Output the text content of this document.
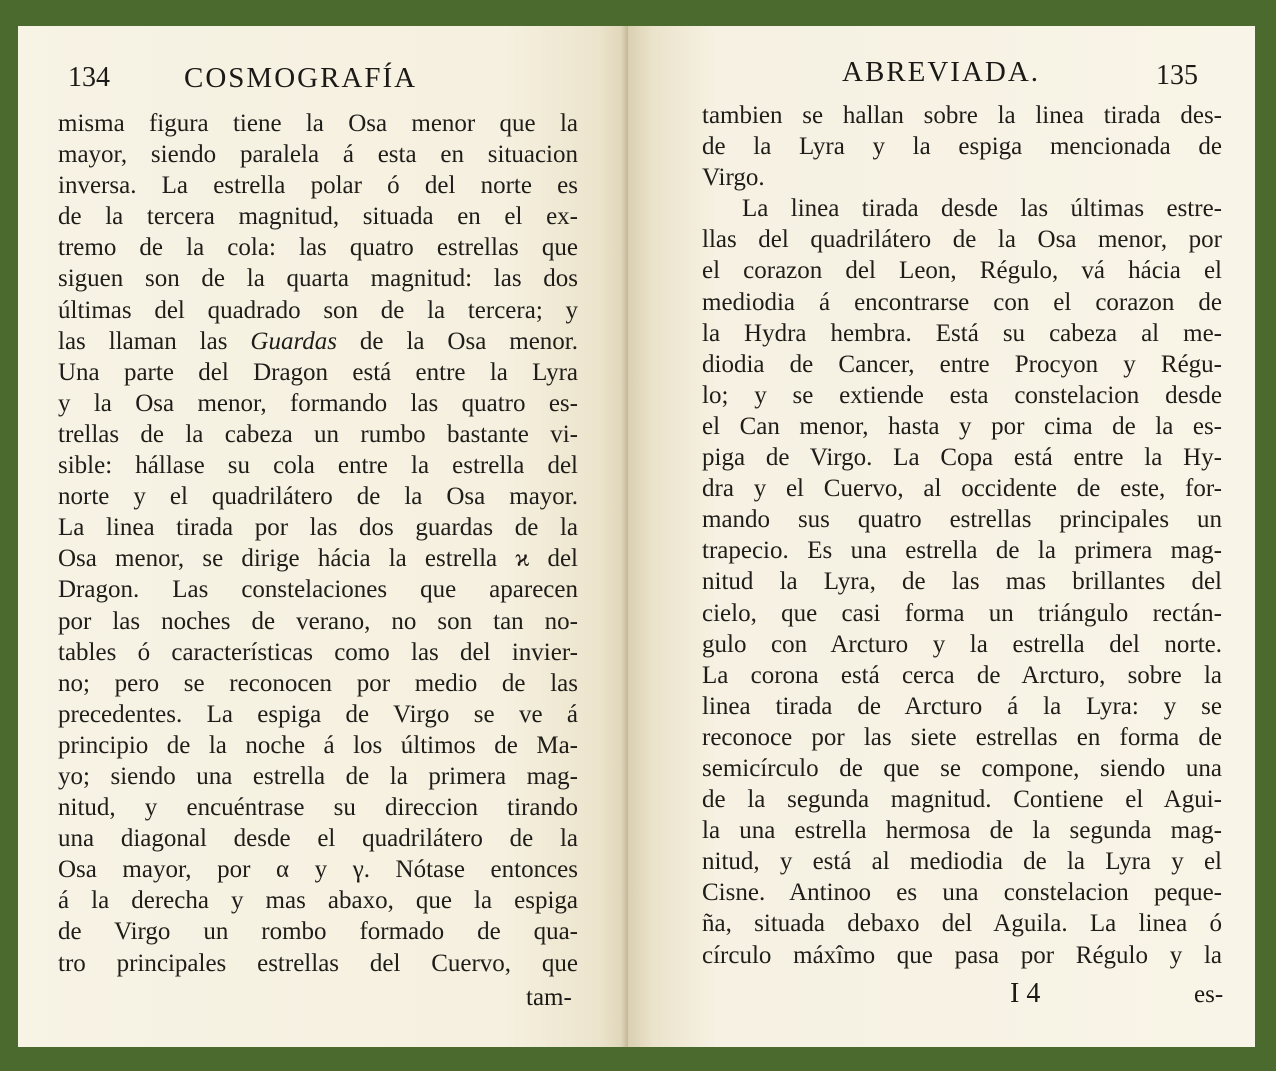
134	COSMOGRAFÍA
misma figura tiene la Osa menor que la
mayor, siendo paralela á esta en situacion
inversa. La estrella polar ó del norte es
de la tercera magnitud, situada en el ex-
tremo de la cola: las quatro estrellas que
siguen son de la quarta magnitud: las dos
últimas del quadrado son de la tercera; y
las llaman las Guardas de la Osa menor.
Una parte del Dragon está entre la Lyra
y la Osa menor, formando las quatro es-
trellas de la cabeza un rumbo bastante vi-
sible: hállase su cola entre la estrella del
norte y el quadrilátero de la Osa mayor.
La linea tirada por las dos guardas de la
Osa menor, se dirige hácia la estrella ϰ del
Dragon. Las constelaciones que aparecen
por las noches de verano, no son tan no-
tables ó características como las del invier-
no; pero se reconocen por medio de las
precedentes. La espiga de Virgo se ve á
principio de la noche á los últimos de Ma-
yo; siendo una estrella de la primera mag-
nitud, y encuéntrase su direccion tirando
una diagonal desde el quadrilátero de la
Osa mayor, por α y γ. Nótase entonces
á la derecha y mas abaxo, que la espiga
de Virgo un rombo formado de qua-
tro principales estrellas del Cuervo, que
tam-
ABREVIADA.	135
tambien se hallan sobre la linea tirada des-
de la Lyra y la espiga mencionada de
Virgo.
La linea tirada desde las últimas estre-
llas del quadrilátero de la Osa menor, por
el corazon del Leon, Régulo, vá hácia el
mediodia á encontrarse con el corazon de
la Hydra hembra. Está su cabeza al me-
diodia de Cancer, entre Procyon y Régu-
lo; y se extiende esta constelacion desde
el Can menor, hasta y por cima de la es-
piga de Virgo. La Copa está entre la Hy-
dra y el Cuervo, al occidente de este, for-
mando sus quatro estrellas principales un
trapecio. Es una estrella de la primera mag-
nitud la Lyra, de las mas brillantes del
cielo, que casi forma un triángulo rectán-
gulo con Arcturo y la estrella del norte.
La corona está cerca de Arcturo, sobre la
linea tirada de Arcturo á la Lyra: y se
reconoce por las siete estrellas en forma de
semicírculo de que se compone, siendo una
de la segunda magnitud. Contiene el Agui-
la una estrella hermosa de la segunda mag-
nitud, y está al mediodia de la Lyra y el
Cisne. Antinoo es una constelacion peque-
ña, situada debaxo del Aguila. La linea ó
círculo máxîmo que pasa por Régulo y la
I 4	es-
